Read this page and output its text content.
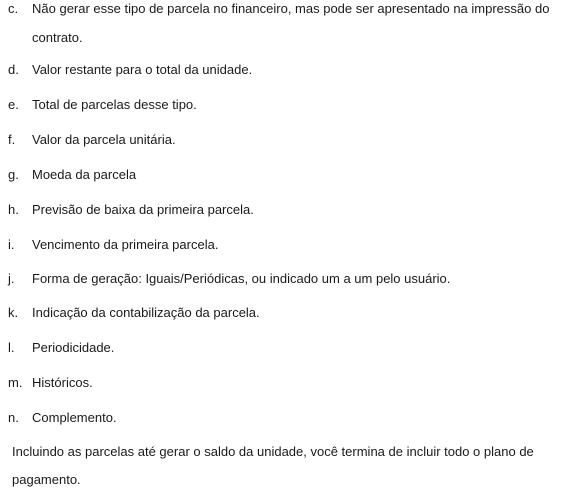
c.	Não gerar esse tipo de parcela no financeiro, mas pode ser apresentado na impressão do
contrato.
d.	Valor restante para o total da unidade.
e.	Total de parcelas desse tipo.
f.	Valor da parcela unitária.
g.	Moeda da parcela
h.	Previsão de baixa da primeira parcela.
i.	Vencimento da primeira parcela.
j.	Forma de geração: Iguais/Periódicas, ou indicado um a um pelo usuário.
k.	Indicação da contabilização da parcela.
l.	Periodicidade.
m. Históricos.
n.	Complemento.
Incluindo as parcelas até gerar o saldo da unidade, você termina de incluir todo o plano de
pagamento.
